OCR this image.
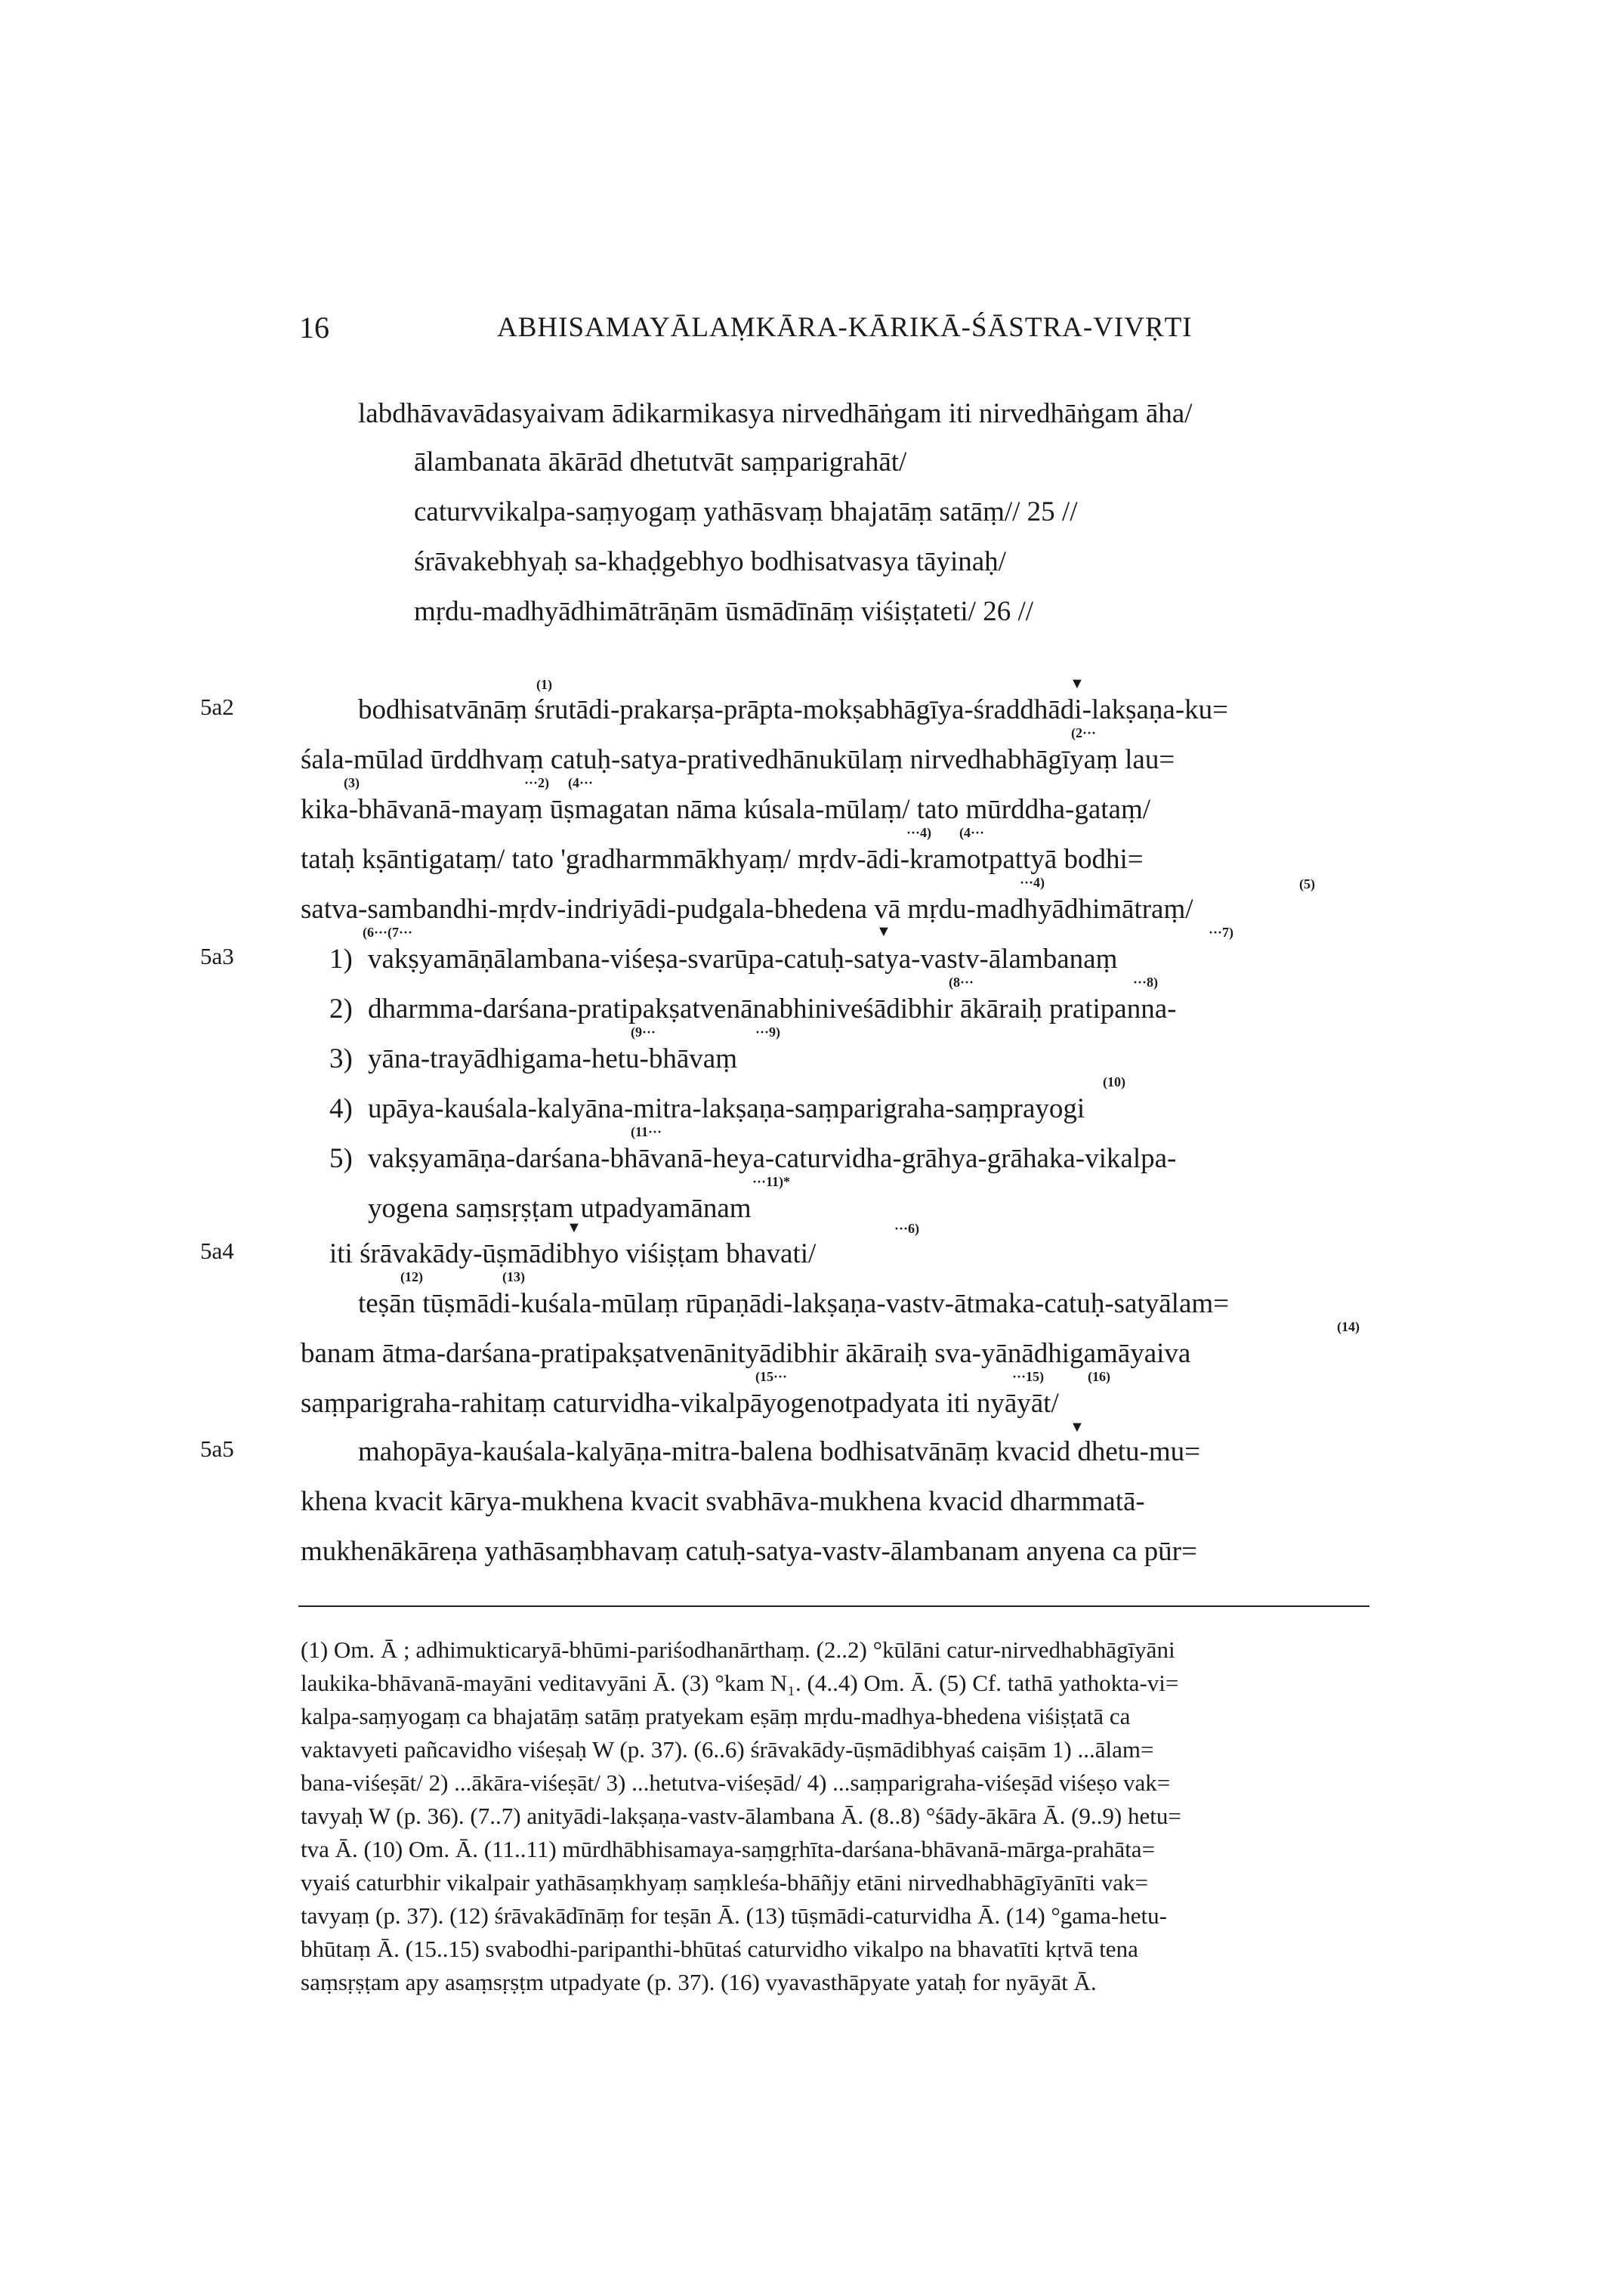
16	ABHISAMAYĀLAṂKĀRA-KĀRIKĀ-ŚĀSTRA-VIVṚTI
labdhāvavādasyaivam ādikarmikasya nirvedhāṅgam iti nirvedhāṅgam āha/
ālambanata ākārād dhetutvāt saṃparigrahāt/
caturvvikalpa-saṃyogaṃ yathāsvaṃ bhajatāṃ satāṃ// 25 //
śrāvakebhyaḥ sa-khaḍgebhyo bodhisatvasya tāyinaḥ/
mṛdu-madhyādhimātrāṇām ūsmādīnāṃ viśiṣṭateti/ 26 //
5a2
5a3
5a4
5a5
(1)	▼
bodhisatvānāṃ śrutādi-prakarṣa-prāpta-mokṣabhāgīya-śraddhādi-lakṣaṇa-ku=
(2···
śala-mūlad ūrddhvaṃ catuḥ-satya-prativedhānukūlaṃ nirvedhabhāgīyaṃ lau=
(3)	···2) (4···
kika-bhāvanā-mayaṃ ūṣmagatan nāma kúsala-mūlaṃ/ tato mūrddha-gataṃ/
···4) (4···
tataḥ kṣāntigataṃ/ tato 'gradharmmākhyaṃ/ mṛdv-ādi-kramotpattyā bodhi=
···4)	(5)
satva-sambandhi-mṛdv-indriyādi-pudgala-bhedena vā mṛdu-madhyādhimātraṃ/
(6···(7···	▼	···7)
1) vakṣyamāṇālambana-viśeṣa-svarūpa-catuḥ-satya-vastv-ālambanaṃ
(8···	···8)
2) dharmma-darśana-pratipakṣatvenānabhiniveśādibhir ākāraiḥ pratipanna-
(9···	···9)
3) yāna-trayādhigama-hetu-bhāvaṃ
(10)
4) upāya-kauśala-kalyāna-mitra-lakṣaṇa-saṃparigraha-saṃprayogi
(11···
5) vakṣyamāṇa-darśana-bhāvanā-heya-caturvidha-grāhya-grāhaka-vikalpa-
···11)*
yogena saṃsṛṣṭam utpadyamānam
▼	···6)
iti śrāvakādy-ūṣmādibhyo viśiṣṭam bhavati/
(12)	(13)
teṣān tūṣmādi-kuśala-mūlaṃ rūpaṇādi-lakṣaṇa-vastv-ātmaka-catuḥ-satyālam=
(14)
banam ātma-darśana-pratipakṣatvenānityādibhir ākāraiḥ sva-yānādhigamāyaiva
(15···	···15)	(16)
saṃparigraha-rahitaṃ caturvidha-vikalpāyogenotpadyata iti nyāyāt/
▼
mahopāya-kauśala-kalyāṇa-mitra-balena bodhisatvānāṃ kvacid dhetu-mu=
khena kvacit kārya-mukhena kvacit svabhāva-mukhena kvacid dharmmatā-
mukhenākāreṇa yathāsaṃbhavaṃ catuḥ-satya-vastv-ālambanam anyena ca pūr=
(1) Om. Ā ; adhimukticaryā-bhūmi-pariśodhanārthaṃ. (2..2) °kūlāni catur-nirvedhabhāgīyāni
laukika-bhāvanā-mayāni veditavyāni Ā. (3) °kam N₁. (4..4) Om. Ā. (5) Cf. tathā yathokta-vi=
kalpa-saṃyogaṃ ca bhajatāṃ satāṃ pratyekam eṣāṃ mṛdu-madhya-bhedena viśiṣṭatā ca
vaktavyeti pañcavidho viśeṣaḥ W (p. 37). (6..6) śrāvakādy-ūṣmādibhyaś caiṣām 1) ...ālam=
bana-viśeṣāt/ 2) ...ākāra-viśeṣāt/ 3) ...hetutva-viśeṣād/ 4) ...saṃparigraha-viśeṣād viśeṣo vak=
tavyaḥ W (p. 36). (7..7) anityādi-lakṣaṇa-vastv-ālambana Ā. (8..8) °śādy-ākāra Ā. (9..9) hetu=
tva Ā. (10) Om. Ā. (11..11) mūrdhābhisamaya-saṃgṛhīta-darśana-bhāvanā-mārga-prahāta=
vyaiś caturbhir vikalpair yathāsaṃkhyaṃ saṃkleśa-bhāñjy etāni nirvedhabhāgīyānīti vak=
tavyaṃ (p. 37). (12) śrāvakādīnāṃ for teṣān Ā. (13) tūṣmādi-caturvidha Ā. (14) °gama-hetu-
bhūtaṃ Ā. (15..15) svabodhi-paripanthi-bhūtaś caturvidho vikalpo na bhavatīti kṛtvā tena
saṃsṛṣṭam apy asaṃsṛṣṭm utpadyate (p. 37). (16) vyavasthāpyate yataḥ for nyāyāt Ā.
